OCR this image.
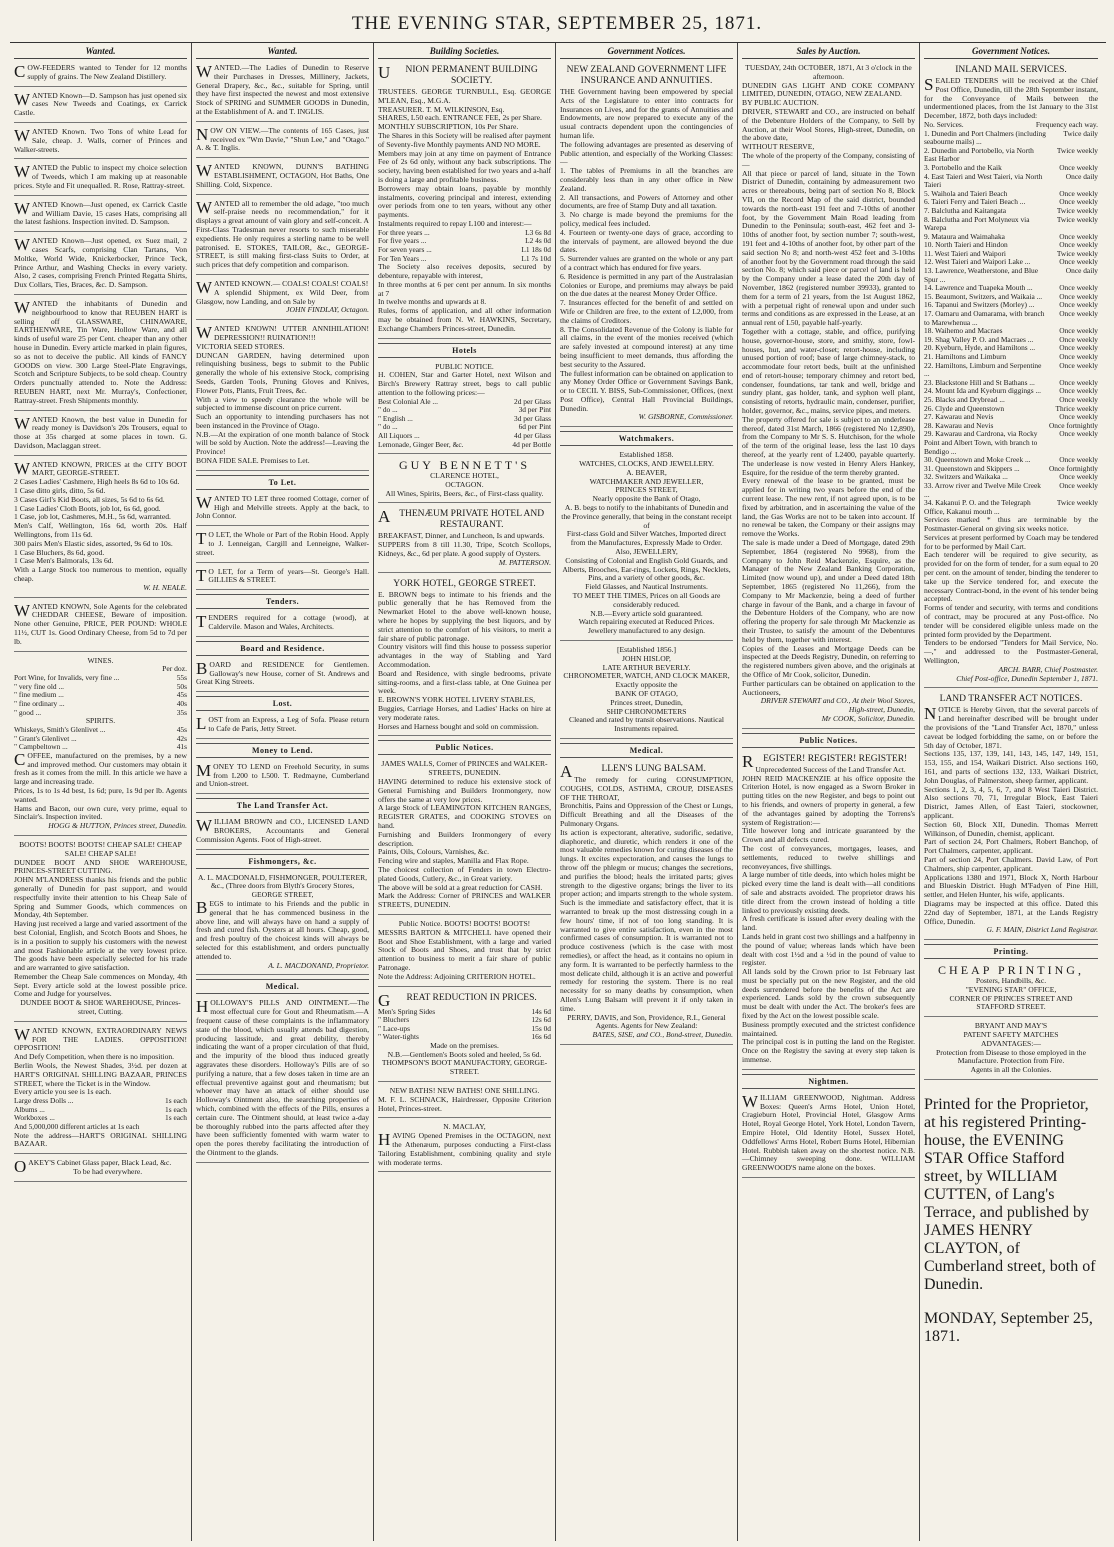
THE EVENING STAR, SEPTEMBER 25, 1871.
Wanted.

COW-FEEDERS wanted to Tender for 12 months supply of grains. The New Zealand Distillery.

WANTED Known—D. Sampson has just opened six cases New Tweeds and Coatings, ex Carrick Castle.

WANTED Known. Two Tons of white Lead for Sale, cheap. J. Walls, corner of Princes and Walker-streets.

WANTED the Public to inspect my choice selection of Tweeds, which I am making up at reasonable prices. Style and Fit unequalled. R. Rose, Rattray-street.

WANTED Known—Just opened, ex Carrick Castle and William Davie, 15 cases Hats, comprising all the latest fashions. Inspection invited. D. Sampson.

WANTED Known—Just opened, ex Suez mail, 2 cases Scarfs, comprising Clan Tartans, Von Moltke, World Wide, Knickerbocker, Prince Teck, Prince Arthur, and Washing Checks in every variety. Also, 2 cases, comprising French Printed Regatta Shirts, Dux Collars, Ties, Braces, &c. D. Sampson.

WANTED the inhabitants of Dunedin and neighbourhood to know that REUBEN HART is selling off GLASSWARE, CHINAWARE, EARTHENWARE, Tin Ware, Hollow Ware, and all kinds of useful ware 25 per Cent. cheaper than any other house in Dunedin. Every article marked in plain figures, so as not to deceive the public. All kinds of FANCY GOODS on view. 300 Large Steel-Plate Engravings, Scotch and Scripture Subjects, to be sold cheap. Country Orders punctually attended to. Note the Address: REUBEN HART, next Mr. Murray's, Confectioner, Rattray-street. Fresh Shipments monthly.

WANTED Known, the best value in Dunedin for ready money is Davidson's 20s Trousers, equal to those at 35s charged at some places in town. G. Davidson, Maclaggan street.

WANTED KNOWN, PRICES at the CITY BOOT MART, GEORGE-STREET.

2 Cases Ladies' Cashmere, High heels 8s 6d to 10s 6d.

1 Case ditto girls, ditto, 5s 6d.

3 Cases Girl's Kid Boots, all sizes, 5s 6d to 6s 6d.

1 Case Ladies' Cloth Boots, job lot, 6s 6d, good.

1 Case, job lot, Cashmeres, M.H., 5s 6d, warranted.

Men's Calf, Wellington, 16s 6d, worth 20s. Half Wellingtons, from 11s 6d.

300 pairs Men's Elastic sides, assorted, 9s 6d to 10s.

1 Case Bluchers, 8s 6d, good.

1 Case Men's Balmorals, 13s 6d.

With a Large Stock too numerous to mention, equally cheap.

W. H. NEALE.

WANTED KNOWN, Sole Agents for the celebrated CHEDDAR CHEESE, Beware of imposition. None other Genuine, PRICE, PER POUND: WHOLE 11½, CUT 1s. Good Ordinary Cheese, from 5d to 7d per lb.

WINES.

Per doz.

Port Wine, for Invalids, very fine ...	55s
" very fine old ...	50s
" fine medium ...	45s
" fine ordinary ...	40s
" good ...	35s

SPIRITS.

Whiskeys, Smith's Glenlivet ...	45s
" Grant's Glenlivet ...	42s
" Campbeltown ...	41s

COFFEE, manufactured on the premises, by a new and improved method. Our customers may obtain it fresh as it comes from the mill. In this article we have a large and increasing trade.

Prices, 1s to 1s 4d best, 1s 6d; pure, 1s 9d per lb. Agents wanted.

Hams and Bacon, our own cure, very prime, equal to Sinclair's. Inspection invited.

HOGG & HUTTON, Princes street, Dunedin.

BOOTS! BOOTS! BOOTS! CHEAP SALE! CHEAP SALE! CHEAP SALE!

DUNDEE BOOT AND SHOE WAREHOUSE, PRINCES-STREET CUTTING.

JOHN M'LANDRESS thanks his friends and the public generally of Dunedin for past support, and would respectfully invite their attention to his Cheap Sale of Spring and Summer Goods, which commences on Monday, 4th September.

Having just received a large and varied assortment of the best Colonial, English, and Scotch Boots and Shoes, he is in a position to supply his customers with the newest and most Fashionable article at the very lowest price. The goods have been especially selected for his trade and are warranted to give satisfaction.

Remember the Cheap Sale commences on Monday, 4th Sept. Every article sold at the lowest possible price. Come and Judge for yourselves.

DUNDEE BOOT & SHOE WAREHOUSE, Princes-street, Cutting.

WANTED KNOWN, EXTRAORDINARY NEWS FOR THE LADIES. OPPOSITION! OPPOSITION!

And Defy Competition, when there is no imposition.

Berlin Wools, the Newest Shades, 3½d. per dozen at HART'S ORIGINAL SHILLING BAZAAR, PRINCES STREET, where the Ticket is in the Window.

Every article you see is 1s each.

Large dress Dolls ...	1s each
Albums ...	1s each
Workboxes ...	1s each
And 5,000,000 different articles at 1s each	

Note the address—HART'S ORIGINAL SHILLING BAZAAR.

OAKEY'S Cabinet Glass paper, Black Lead, &c.

To be had everywhere.

Wanted.

WANTED.—The Ladies of Dunedin to Reserve their Purchases in Dresses, Millinery, Jackets, General Drapery, &c., &c., suitable for Spring, until they have first inspected the newest and most extensive Stock of SPRING and SUMMER GOODS in Dunedin, at the Establishment of A. and T. INGLIS.

NOW ON VIEW.—The contents of 165 Cases, just received ex "Wm Davie," "Shun Lee," and "Otago." A. & T. Inglis.

WANTED KNOWN, DUNN'S BATHING ESTABLISHMENT, OCTAGON, Hot Baths, One Shilling. Cold, Sixpence.

WANTED all to remember the old adage, "too much self-praise needs no recommendation," for it displays a great amount of vain glory and self-conceit. A First-Class Tradesman never resorts to such miserable expedients. He only requires a sterling name to be well patronised. E. STOKES, TAILOR, &c., GEORGE-STREET, is still making first-class Suits to Order, at such prices that defy competition and comparison.

WANTED KNOWN.— COALS! COALS! COALS!

A splendid Shipment, ex Wild Deer, from Glasgow, now Landing, and on Sale by

JOHN FINDLAY, Octagon.

WANTED KNOWN! UTTER ANNIHILATION! DEPRESSION!! RUINATION!!!

VICTORIA SEED STORES.

DUNCAN GARDEN, having determined upon relinquishing business, begs to submit to the Public generally the whole of his extensive Stock, comprising Seeds, Garden Tools, Pruning Gloves and Knives, Flower Pots, Plants, Fruit Trees, &c.

With a view to speedy clearance the whole will be subjected to immense discount on price current.

Such an opportunity to intending purchasers has not been instanced in the Province of Otago.

N.B.—At the expiration of one month balance of Stock will be sold by Auction. Note the address!—Leaving the Province!

BONA FIDE SALE. Premises to Let.

To Let.

WANTED TO LET three roomed Cottage, corner of High and Melville streets. Apply at the back, to John Connor.

TO LET, the Whole or Part of the Robin Hood. Apply to J. Lenneigan, Cargill and Lenneigne, Walker-street.

TO LET, for a Term of years—St. George's Hall. GILLIES & STREET.

Tenders.

TENDERS required for a cottage (wood), at Caldervile. Mason and Wales, Architects.

Board and Residence.

BOARD and RESIDENCE for Gentlemen. Galloway's new House, corner of St. Andrews and Great King Streets.

Lost.

LOST from an Express, a Leg of Sofa. Please return to Cafe de Paris, Jetty Street.

Money to Lend.

MONEY TO LEND on Freehold Security, in sums from L200 to L500. T. Redmayne, Cumberland and Union-street.

The Land Transfer Act.

WILLIAM BROWN and CO., LICENSED LAND BROKERS, Accountants and General Commission Agents. Foot of High-street.

Fishmongers, &c.

A. L. MACDONALD, FISHMONGER, POULTERER, &c., (Three doors from Blyth's Grocery Stores, GEORGE STREET,

BEGS to intimate to his Friends and the public in general that he has commenced business in the above line, and will always have on hand a supply of fresh and cured fish. Oysters at all hours. Cheap, good, and fresh poultry of the choicest kinds will always be selected for this establishment, and orders punctually attended to.

A. L. MACDONAND, Proprietor.

Medical.

HOLLOWAY'S PILLS AND OINTMENT.—The most effectual cure for Gout and Rheumatism.—A frequent cause of these complaints is the inflammatory state of the blood, which usually attends bad digestion, producing lassitude, and great debility, thereby indicating the want of a proper circulation of that fluid, and the impurity of the blood thus induced greatly aggravates these disorders. Holloway's Pills are of so purifying a nature, that a few doses taken in time are an effectual preventive against gout and rheumatism; but whoever may have an attack of either should use Holloway's Ointment also, the searching properties of which, combined with the effects of the Pills, ensures a certain cure. The Ointment should, at least twice a-day be thoroughly rubbed into the parts affected after they have been sufficiently fomented with warm water to open the pores thereby facilitating the introduction of the Ointment to the glands.

Building Societies.

UNION PERMANENT BUILDING SOCIETY.

TRUSTEES. GEORGE TURNBULL, Esq. GEORGE M'LEAN, Esq., M.G.A.

TREASURER. T. M. WILKINSON, Esq.

SHARES, L50 each. ENTRANCE FEE, 2s per Share.

MONTHLY SUBSCRIPTION, 10s Per Share.

The Shares in this Society will be realised after payment of Seventy-five Monthly payments AND NO MORE.

Members may join at any time on payment of Entrance Fee of 2s 6d only, without any back subscriptions. The society, having been established for two years and a-half is doing a large and profitable business.

Borrowers may obtain loans, payable by monthly instalments, covering principal and interest, extending over periods from one to ten years, without any other payments.

Instalments required to repay L100 and interest:—

For three years ...	L3 6s 8d
For five years ...	L2 4s 0d
For seven years ...	L1 18s 0d
For Ten Years ...	L1 7s 10d

The Society also receives deposits, secured by debenture, repayable with interest,

In three months at 6 per cent per annum. In six months at 7

In twelve months and upwards at 8.

Rules, forms of application, and all other information may be obtained from N. W. HAWKINS, Secretary, Exchange Chambers Princes-street, Dunedin.

Hotels

PUBLIC NOTICE.

H. COHEN, Star and Garter Hotel, next Wilson and Birch's Brewery Rattray street, begs to call public attention to the following prices:—

Best Colonial Ale ...	2d per Glass
" do ...	3d per Pint
" English ...	3d per Glass
" do ...	6d per Pint
All Liquors ...	4d per Glass
Lemonade, Ginger Beer, &c.	4d per Bottle

GUY BENNETT'S

CLARENCE HOTEL,

OCTAGON.

All Wines, Spirits, Beers, &c., of First-class quality.

ATHENÆUM PRIVATE HOTEL AND RESTAURANT.

BREAKFAST, Dinner, and Luncheon, Is and upwards.

SUPPERS from 8 till 11.30, Tripe, Scotch Scollops, Kidneys, &c., 6d per plate. A good supply of Oysters.

M. PATTERSON.

YORK HOTEL, GEORGE STREET.

E. BROWN begs to intimate to his friends and the public generally that he has Removed from the Newmarket Hotel to the above well-known house, where he hopes by supplying the best liquors, and by strict attention to the comfort of his visitors, to merit a fair share of public patronage.

Country visitors will find this house to possess superior advantages in the way of Stabling and Yard Accommodation.

Board and Residence, with single bedrooms, private sitting-rooms, and a first-class table, at One Guinea per week.

E. BROWN'S YORK HOTEL LIVERY STABLES,

Buggies, Carriage Horses, and Ladies' Hacks on hire at very moderate rates.

Horses and Harness bought and sold on commission.

Public Notices.

JAMES WALLS, Corner of PRINCES and WALKER-STREETS, DUNEDIN.

HAVING determined to reduce his extensive stock of General Furnishing and Builders Ironmongery, now offers the same at very low prices.

A large Stock of LEAMINGTON KITCHEN RANGES, REGISTER GRATES, and COOKING STOVES on hand.

Furnishing and Builders Ironmongery of every description.

Paints, Oils, Colours, Varnishes, &c.

Fencing wire and staples, Manilla and Flax Rope.

The choicest collection of Fenders in town Electro-plated Goods, Cutlery, &c., in Great variety.

The above will be sold at a great reduction for CASH.

Mark the Address: Corner of PRINCES and WALKER STREETS, DUNEDIN.

Public Notice. BOOTS! BOOTS! BOOTS!

MESSRS BARTON & MITCHELL have opened their Boot and Shoe Establishment, with a large and varied Stock of Boots and Shoes, and trust that by strict attention to business to merit a fair share of public Patronage.

Note the Address: Adjoining CRITERION HOTEL.

GREAT REDUCTION IN PRICES.

Men's Spring Sides	14s 6d
" Bluchers	12s 6d
" Lace-ups	15s 0d
" Water-tights	16s 6d

Made on the premises.

N.B.—Gentlemen's Boots soled and heeled, 5s 6d.

THOMPSON'S BOOT MANUFACTORY, GEORGE-STREET.

NEW BATHS! NEW BATHS! ONE SHILLING.

M. F. L. SCHNACK, Hairdresser, Opposite Criterion Hotel, Princes-street.

N. MACLAY,

HAVING Opened Premises in the OCTAGON, next the Athenæum, purposes conducting a First-class Tailoring Establishment, combining quality and style with moderate terms.

Government Notices.

NEW ZEALAND GOVERNMENT LIFE INSURANCE AND ANNUITIES.

THE Government having been empowered by special Acts of the Legislature to enter into contracts for Insurances on Lives, and for the grants of Annuities and Endowments, are now prepared to execute any of the usual contracts dependent upon the contingencies of human life.

The following advantages are presented as deserving of Public attention, and especially of the Working Classes:—

1. The tables of Premiums in all the branches are considerably less than in any other office in New Zealand.

2. All transactions, and Powers of Attorney and other documents, are free of Stamp Duty and all taxation.

3. No charge is made beyond the premiums for the policy, medical fees included.

4. Fourteen or twenty-one days of grace, according to the intervals of payment, are allowed beyond the due dates.

5. Surrender values are granted on the whole or any part of a contract which has endured for five years.

6. Residence is permitted in any part of the Australasian Colonies or Europe, and premiums may always be paid on the due dates at the nearest Money Order Office.

7. Insurances effected for the benefit of and settled on Wife or Children are free, to the extent of L2,000, from the claims of Creditors.

8. The Consolidated Revenue of the Colony is liable for all claims, in the event of the monies received (which are safely invested at compound interest) at any time being insufficient to meet demands, thus affording the best security to the Assured.

The fullest information can be obtained on application to any Money Order Office or Government Savings Bank, or to CECIL Y. BISS, Sub-Commissioner, Offices, (next Post Office), Central Hall Provincial Buildings, Dunedin.

W. GISBORNE, Commissioner.

Watchmakers.

Established 1858.

WATCHES, CLOCKS, AND JEWELLERY.

A. BEAVER,

WATCHMAKER AND JEWELLER,

PRINCES STREET,

Nearly opposite the Bank of Otago,

A. B. begs to notify to the inhabitants of Dunedin and the Province generally, that being in the constant receipt of

First-class Gold and Silver Watches, Imported direct from the Manufactures, Expressly Made to Order.

Also, JEWELLERY,

Consisting of Colonial and English Gold Guards, and Alberts, Brooches, Ear-rings, Lockets, Rings, Necklets, Pins, and a variety of other goods, &c.

Field Glasses, and Nautical Instruments.

TO MEET THE TIMES, Prices on all Goods are considerably reduced.

N.B.—Every article sold guaranteed.

Watch repairing executed at Reduced Prices.

Jewellery manufactured to any design.

[Established 1856.]

JOHN HISLOP,

LATE ARTHUR BEVERLY.

CHRONOMETER, WATCH, AND CLOCK MAKER,

Exactly opposite the

BANK OF OTAGO,

Princes street, Dunedin,

SHIP CHRONOMETERS

Cleaned and rated by transit observations. Nautical Instruments repaired.

Medical.

ALLEN'S LUNG BALSAM.

The remedy for curing CONSUMPTION, COUGHS, COLDS, ASTHMA, CROUP, DISEASES OF THE THROAT,

Bronchitis, Pains and Oppression of the Chest or Lungs, Difficult Breathing and all the Diseases of the Pulmonary Organs.

Its action is expectorant, alterative, sudorific, sedative, diaphoretic, and diuretic, which renders it one of the most valuable remedies known for curing diseases of the lungs. It excites expectoration, and causes the lungs to throw off the phlegm or mucus; changes the secretions, and purifies the blood; heals the irritated parts; gives strength to the digestive organs; brings the liver to its proper action; and imparts strength to the whole system. Such is the immediate and satisfactory effect, that it is warranted to break up the most distressing cough in a few hours' time, if not of too long standing. It is warranted to give entire satisfaction, even in the most confirmed cases of consumption. It is warranted not to produce costiveness (which is the case with most remedies), or affect the head, as it contains no opium in any form. It is warranted to be perfectly harmless to the most delicate child, although it is an active and powerful remedy for restoring the system. There is no real necessity for so many deaths by consumption, when Allen's Lung Balsam will prevent it if only taken in time.

PERRY, DAVIS, and Son, Providence, R.I., General Agents. Agents for New Zealand:

BATES, SISE, and CO., Bond-street, Dunedin.

Sales by Auction.

TUESDAY, 24th OCTOBER, 1871, At 3 o'clock in the afternoon.

DUNEDIN GAS LIGHT AND COKE COMPANY LIMITED, DUNEDIN, OTAGO, NEW ZEALAND.

BY PUBLIC AUCTION.

DRIVER, STEWART and CO., are instructed on behalf of the Debenture Holders of the Company, to Sell by Auction, at their Wool Stores, High-street, Dunedin, on the above date,

WITHOUT RESERVE,

The whole of the property of the Company, consisting of—

All that piece or parcel of land, situate in the Town District of Dunedin, containing by admeasurement two acres or thereabouts, being part of section No 8, Block VII, on the Record Map of the said district, bounded towards the north-east 191 feet and 7-10ths of another foot, by the Government Main Road leading from Dunedin to the Peninsula; south-east, 462 feet and 3-10ths of another foot, by section number 7; south-west, 191 feet and 4-10ths of another foot, by other part of the said section No 8; and north-west 452 feet and 3-10ths of another foot by the Government road through the said section No. 8; which said piece or parcel of land is held by the Company under a lease dated the 20th day of November, 1862 (registered number 39933), granted to them for a term of 21 years, from the 1st August 1862, with a perpetual right of renewal upon and under such terms and conditions as are expressed in the Lease, at an annual rent of L50, payable half-yearly.

Together with a cottage, stable, and office, purifying house, governor-house, store, and smithy, store, fowl-houses, hut, and water-closet; retort-house, including unused portion of roof; base of large chimney-stack, to accommodate four retort beds, built at the unfinished end of retort-house; temporary chimney and retort bed, condenser, foundations, tar tank and well, bridge and sundry plant, gas holder, tank, and syphon well plant, consisting of retorts, hydraulic main, condenser, purifier, holder, governor, &c., mains, service pipes, and meters.

The property offered for sale is subject to an underlease thereof, dated 31st March, 1866 (registered No 12,890), from the Company to Mr S. S. Hutchison, for the whole of the term of the original lease, less the last 10 days thereof, at the yearly rent of L2400, payable quarterly. The underlease is now vested in Henry Alers Hankey, Esquire, for the residue of the term thereby granted.

Every renewal of the lease to be granted, must be applied for in writing two years before the end of the current lease. The new rent, if not agreed upon, is to be fixed by arbitration, and in ascertaining the value of the land, the Gas Works are not to be taken into account. If no renewal be taken, the Company or their assigns may remove the Works.

The sale is made under a Deed of Mortgage, dated 29th September, 1864 (registered No 9968), from the Company to John Reid Mackenzie, Esquire, as the Manager of the New Zealand Banking Corporation, Limited (now wound up), and under a Deed dated 18th September, 1865 (registered No 11,266), from the Company to Mr Mackenzie, being a deed of further charge in favour of the Bank, and a charge in favour of the Debenture Holders of the Company, who are now offering the property for sale through Mr Mackenzie as their Trustee, to satisfy the amount of the Debentures held by them, together with interest.

Copies of the Leases and Mortgage Deeds can be inspected at the Deeds Registry, Dunedin, on referring to the registered numbers given above, and the originals at the Office of Mr Cook, solicitor, Dunedin.

Further particulars can be obtained on application to the Auctioneers,

DRIVER STEWART and CO., At their Wool Stores, High-street, Dunedin,

Mr COOK, Solicitor, Dunedin.

Public Notices.

REGISTER! REGISTER! REGISTER!

Unprecedented Success of the Land Transfer Act.

JOHN REID MACKENZIE at his office opposite the Criterion Hotel, is now engaged as a Sworn Broker in putting titles on the new Register, and begs to point out to his friends, and owners of property in general, a few of the advantages gained by adopting the Torrens's system of Registration:—

Title however long and intricate guaranteed by the Crown and all defects cured.

The cost of conveyances, mortgages, leases, and settlements, reduced to twelve shillings and reconveyances, five shillings.

A large number of title deeds, into which holes might be picked every time the land is dealt with—all conditions of sale and abstracts avoided. The proprietor draws his title direct from the crown instead of holding a title linked to previously existing deeds.

A fresh certificate is issued after every dealing with the land.

Lands held in grant cost two shillings and a halfpenny in the pound of value; whereas lands which have been dealt with cost 1½d and a ½d in the pound of value to register.

All lands sold by the Crown prior to 1st February last must be specially put on the new Register, and the old deeds surrendered before the benefits of the Act are experienced. Lands sold by the crown subsequently must be dealt with under the Act. The broker's fees are fixed by the Act on the lowest possible scale.

Business promptly executed and the strictest confidence maintained.

The principal cost is in putting the land on the Register. Once on the Registry the saving at every step taken is immense.

Nightmen.

WILLIAM GREENWOOD, Nightman. Address Boxes: Queen's Arms Hotel, Union Hotel, Cragieburn Hotel, Provincial Hotel, Glasgow Arms Hotel, Royal George Hotel, York Hotel, London Tavern, Empire Hotel, Old Identity Hotel, Sussex Hotel, Oddfellows' Arms Hotel, Robert Burns Hotel, Hibernian Hotel. Rubbish taken away on the shortest notice. N.B.—Chimney sweeping done. WILLIAM GREENWOOD'S name alone on the boxes.

Government Notices.

INLAND MAIL SERVICES.

SEALED TENDERS will be received at the Chief Post Office, Dunedin, till the 28th September instant, for the Conveyance of Mails between the undermentioned places, from the 1st January to the 31st December, 1872, both days included:

No. Services.	Frequency each way.
1. Dunedin and Port Chalmers (including seabourne mails) ...	Twice daily
2. Dunedin and Portobello, via North East Harbor	Twice weekly
3. Portobello and the Kaik	Once weekly
4. East Taieri and West Taieri, via North Taieri	Once daily
5. Waihola and Taieri Beach	Once weekly
6. Taieri Ferry and Taieri Beach ...	Once weekly
7. Balclutha and Kaitangata	Twice weekly
8. Balclutha and Port Molyneux via Warepa	Twice weekly
9. Mataura and Waimahaka	Once weekly
10. North Taieri and Hindon	Once weekly
11. West Taieri and Waipori	Twice weekly
12. West Taieri and Waipori Lake ...	Once weekly
13. Lawrence, Weatherstone, and Blue Spur ...	Once daily
14. Lawrence and Tuapeka Mouth ...	Once weekly
15. Beaumont, Switzers, and Waikaia ...	Once weekly
16. Tapanui and Switzers (Morley) ...	Once weekly
17. Oamaru and Oamarama, with branch to Marewhenua ...	Once weekly
18. Waihemo and Macraes	Once weekly
19. Shag Valley P. O. and Macraes ...	Once weekly
20. Kyeburn, Hyde, and Hamiltons ...	Once weekly
21. Hamiltons and Limburn	Once weekly
22. Hamiltons, Limburn and Serpentine ...	Once weekly
23. Blackstone Hill and St Bathans ...	Once weekly
24. Mount Ida and Kyeburn diggings ...	Once weekly
25. Blacks and Drybread ...	Once weekly
26. Clyde and Queenstown	Thrice weekly
27. Kawarau and Nevis	Once weekly
28. Kawarau and Nevis	Once fortnightly
29. Kawarau and Cardrona, via Rocky Point and Albert Town, with branch to Bendigo ...	Once weekly
30. Queenstown and Moke Creek ...	Once weekly
31. Queenstown and Skippers ...	Once fortnightly
32. Switzers and Waikaka ...	Once weekly
33. Arrow river and Twelve Mile Creek ...	Once weekly
34. Kakanui P. O. and the Telegraph Office, Kakanui mouth ...	Twice weekly

Services marked * thus are terminable by the Postmaster-General on giving six weeks notice.

Services at present performed by Coach may be tendered for to be performed by Mail Cart.

Each tenderer will be required to give security, as provided for on the form of tender, for a sum equal to 20 per cent. on the amount of tender, binding the tenderer to take up the Service tendered for, and execute the necessary Contract-bond, in the event of his tender being accepted.

Forms of tender and security, with terms and conditions of contract, may be procured at any Post-office. No tender will be considered eligible unless made on the printed form provided by the Department.

Tenders to be endorsed "Tenders for Mail Service, No. —," and addressed to the Postmaster-General, Wellington,

ARCH. BARR, Chief Postmaster.

Chief Post-office, Dunedin September 1, 1871.

LAND TRANSFER ACT NOTICES.

NOTICE is Hereby Given, that the several parcels of Land hereinafter described will be brought under the provisions of the "Land Transfer Act, 1870," unless caveat be lodged forbidding the same, on or before the 5th day of October, 1871.

Sections 135, 137, 139, 141, 143, 145, 147, 149, 151, 153, 155, and 154, Waikari District. Also sections 160, 161, and parts of sections 132, 133, Waikari District, John Douglas, of Palmerston, sheep farmer, applicant.

Sections 1, 2, 3, 4, 5, 6, 7, and 8 West Taieri District. Also sections 70, 71, Irregular Block, East Taieri District, James Allen, of East Taieri, stockowner, applicant.

Section 60, Block XII, Dunedin. Thomas Merrett Wilkinson, of Dunedin, chemist, applicant.

Part of section 24, Port Chalmers, Robert Banchop, of Port Chalmers, carpenter, applicant.

Part of section 24, Port Chalmers. David Law, of Port Chalmers, ship carpenter, applicant.

Applications 1380 and 1971, Block X, North Harbour and Blueskin District. Hugh M'Fadyen of Pine Hill, settler, and Helen Hunter, his wife, applicants.

Diagrams may be inspected at this office. Dated this 22nd day of September, 1871, at the Lands Registry Office, Dunedin.

G. F. MAIN, District Land Registrar.

Printing.

CHEAP PRINTING,

Posters, Handbills, &c.

"EVENING STAR" OFFICE,

CORNER OF PRINCES STREET AND

STAFFORD STREET.

BRYANT AND MAY'S

PATENT SAFETY MATCHES

ADVANTAGES:—

Protection from Disease to those employed in the Manufacture. Protection from Fire.

Agents in all the Colonies.

Printed for the Proprietor, at his registered Printing-house, the EVENING STAR Office Stafford street, by WILLIAM CUTTEN, of Lang's Terrace, and published by JAMES HENRY CLAYTON, of Cumberland street, both of Dunedin.

MONDAY, September 25, 1871.
